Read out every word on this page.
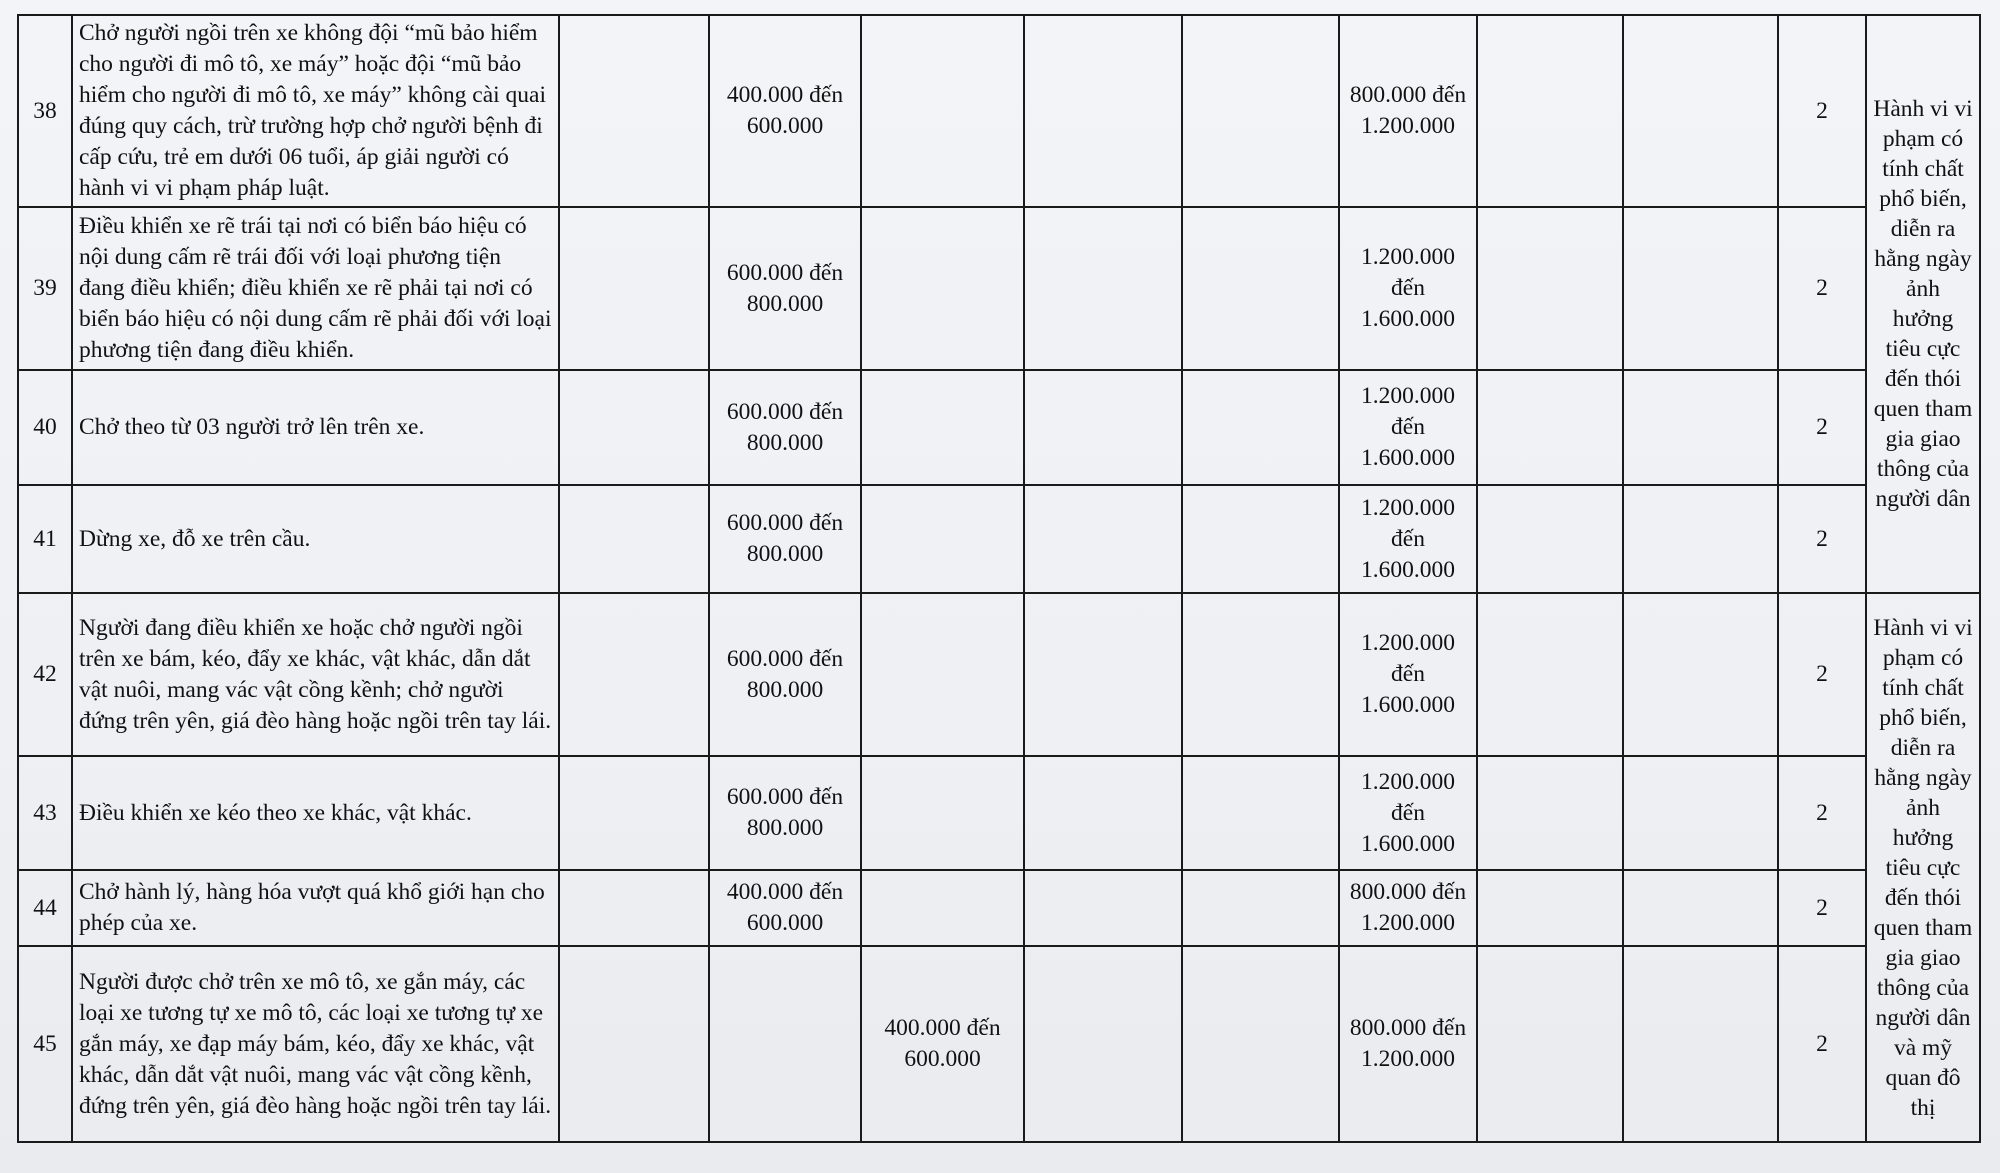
38	Chở người ngồi trên xe không đội “mũ bảo hiểm cho người đi mô tô, xe máy” hoặc đội “mũ bảo hiểm cho người đi mô tô, xe máy” không cài quai đúng quy cách, trừ trường hợp chở người bệnh đi cấp cứu, trẻ em dưới 06 tuổi, áp giải người có hành vi vi phạm pháp luật.		400.000 đến 600.000				800.000 đến 1.200.000			2	Hành vi vi phạm có tính chất phổ biến, diễn ra hằng ngày ảnh hưởng tiêu cực đến thói quen tham gia giao thông của người dân
39	Điều khiển xe rẽ trái tại nơi có biển báo hiệu có nội dung cấm rẽ trái đối với loại phương tiện đang điều khiển; điều khiển xe rẽ phải tại nơi có biển báo hiệu có nội dung cấm rẽ phải đối với loại phương tiện đang điều khiển.		600.000 đến 800.000				1.200.000 đến 1.600.000			2	
40	Chở theo từ 03 người trở lên trên xe.		600.000 đến 800.000				1.200.000 đến 1.600.000			2	
41	Dừng xe, đỗ xe trên cầu.		600.000 đến 800.000				1.200.000 đến 1.600.000			2	
42	Người đang điều khiển xe hoặc chở người ngồi trên xe bám, kéo, đẩy xe khác, vật khác, dẫn dắt vật nuôi, mang vác vật cồng kềnh; chở người đứng trên yên, giá đèo hàng hoặc ngồi trên tay lái.		600.000 đến 800.000				1.200.000 đến 1.600.000			2	Hành vi vi phạm có tính chất phổ biến, diễn ra hằng ngày ảnh hưởng tiêu cực đến thói quen tham gia giao thông của người dân và mỹ quan đô thị
43	Điều khiển xe kéo theo xe khác, vật khác.		600.000 đến 800.000				1.200.000 đến 1.600.000			2	
44	Chở hành lý, hàng hóa vượt quá khổ giới hạn cho phép của xe.		400.000 đến 600.000				800.000 đến 1.200.000			2	
45	Người được chở trên xe mô tô, xe gắn máy, các loại xe tương tự xe mô tô, các loại xe tương tự xe gắn máy, xe đạp máy bám, kéo, đẩy xe khác, vật khác, dẫn dắt vật nuôi, mang vác vật cồng kềnh, đứng trên yên, giá đèo hàng hoặc ngồi trên tay lái.			400.000 đến 600.000			800.000 đến 1.200.000			2	
